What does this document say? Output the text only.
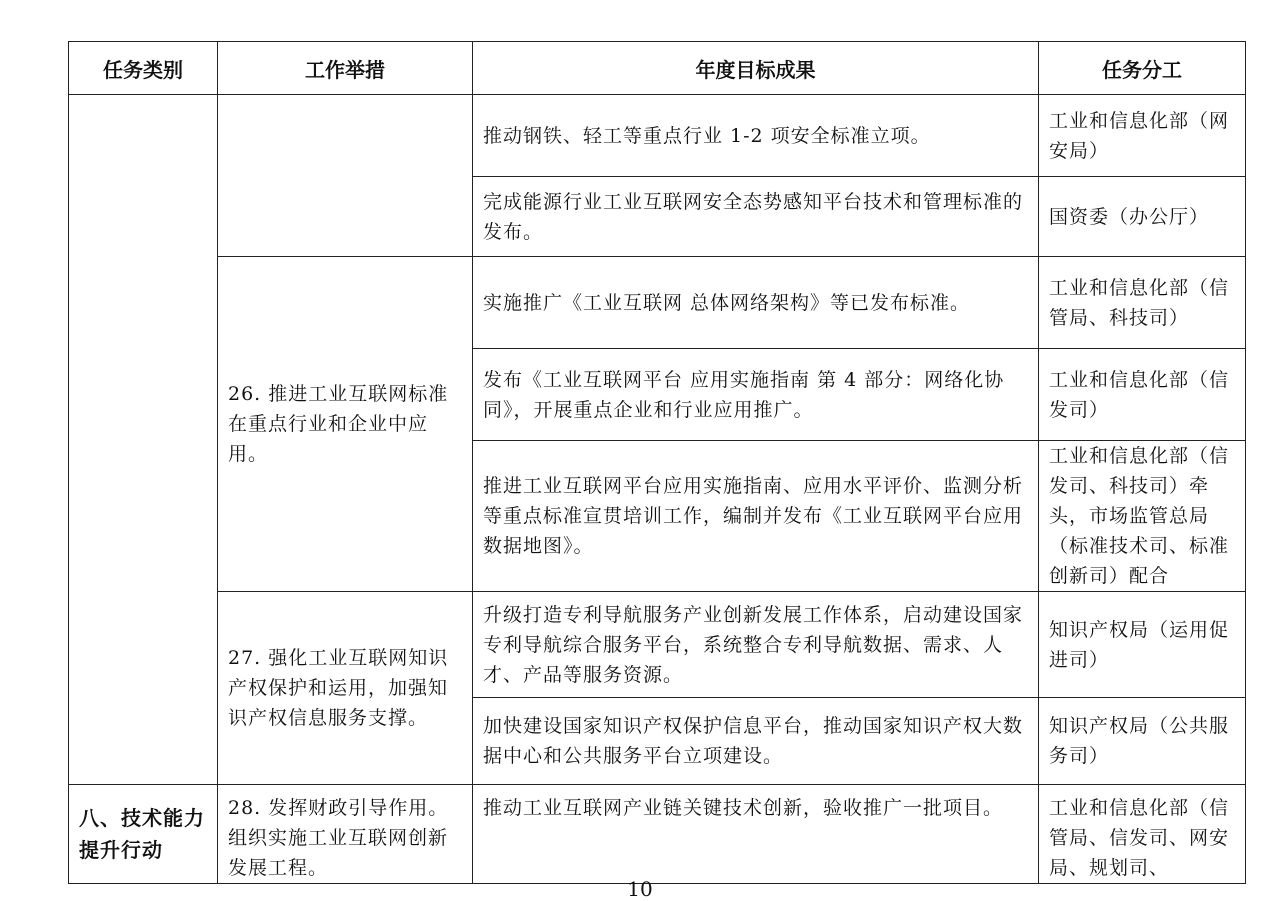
任务类别	工作举措	年度目标成果	任务分工
		推动钢铁、轻工等重点行业 1-2 项安全标准立项。	工业和信息化部（网安局）
		完成能源行业工业互联网安全态势感知平台技术和管理标准的发布。	国资委（办公厅）
	26. 推进工业互联网标准在重点行业和企业中应用。	实施推广《工业互联网 总体网络架构》等已发布标准。	工业和信息化部（信管局、科技司）
		发布《工业互联网平台 应用实施指南 第 4 部分：网络化协同》，开展重点企业和行业应用推广。	工业和信息化部（信发司）
		推进工业互联网平台应用实施指南、应用水平评价、监测分析等重点标准宣贯培训工作，编制并发布《工业互联网平台应用数据地图》。	工业和信息化部（信发司、科技司）牵头，市场监管总局（标准技术司、标准创新司）配合
	27. 强化工业互联网知识产权保护和运用，加强知识产权信息服务支撑。	升级打造专利导航服务产业创新发展工作体系，启动建设国家专利导航综合服务平台，系统整合专利导航数据、需求、人才、产品等服务资源。	知识产权局（运用促进司）
		加快建设国家知识产权保护信息平台，推动国家知识产权大数据中心和公共服务平台立项建设。	知识产权局（公共服务司）
八、技术能力提升行动	28. 发挥财政引导作用。组织实施工业互联网创新发展工程。	推动工业互联网产业链关键技术创新，验收推广一批项目。	工业和信息化部（信管局、信发司、网安局、规划司、
10
